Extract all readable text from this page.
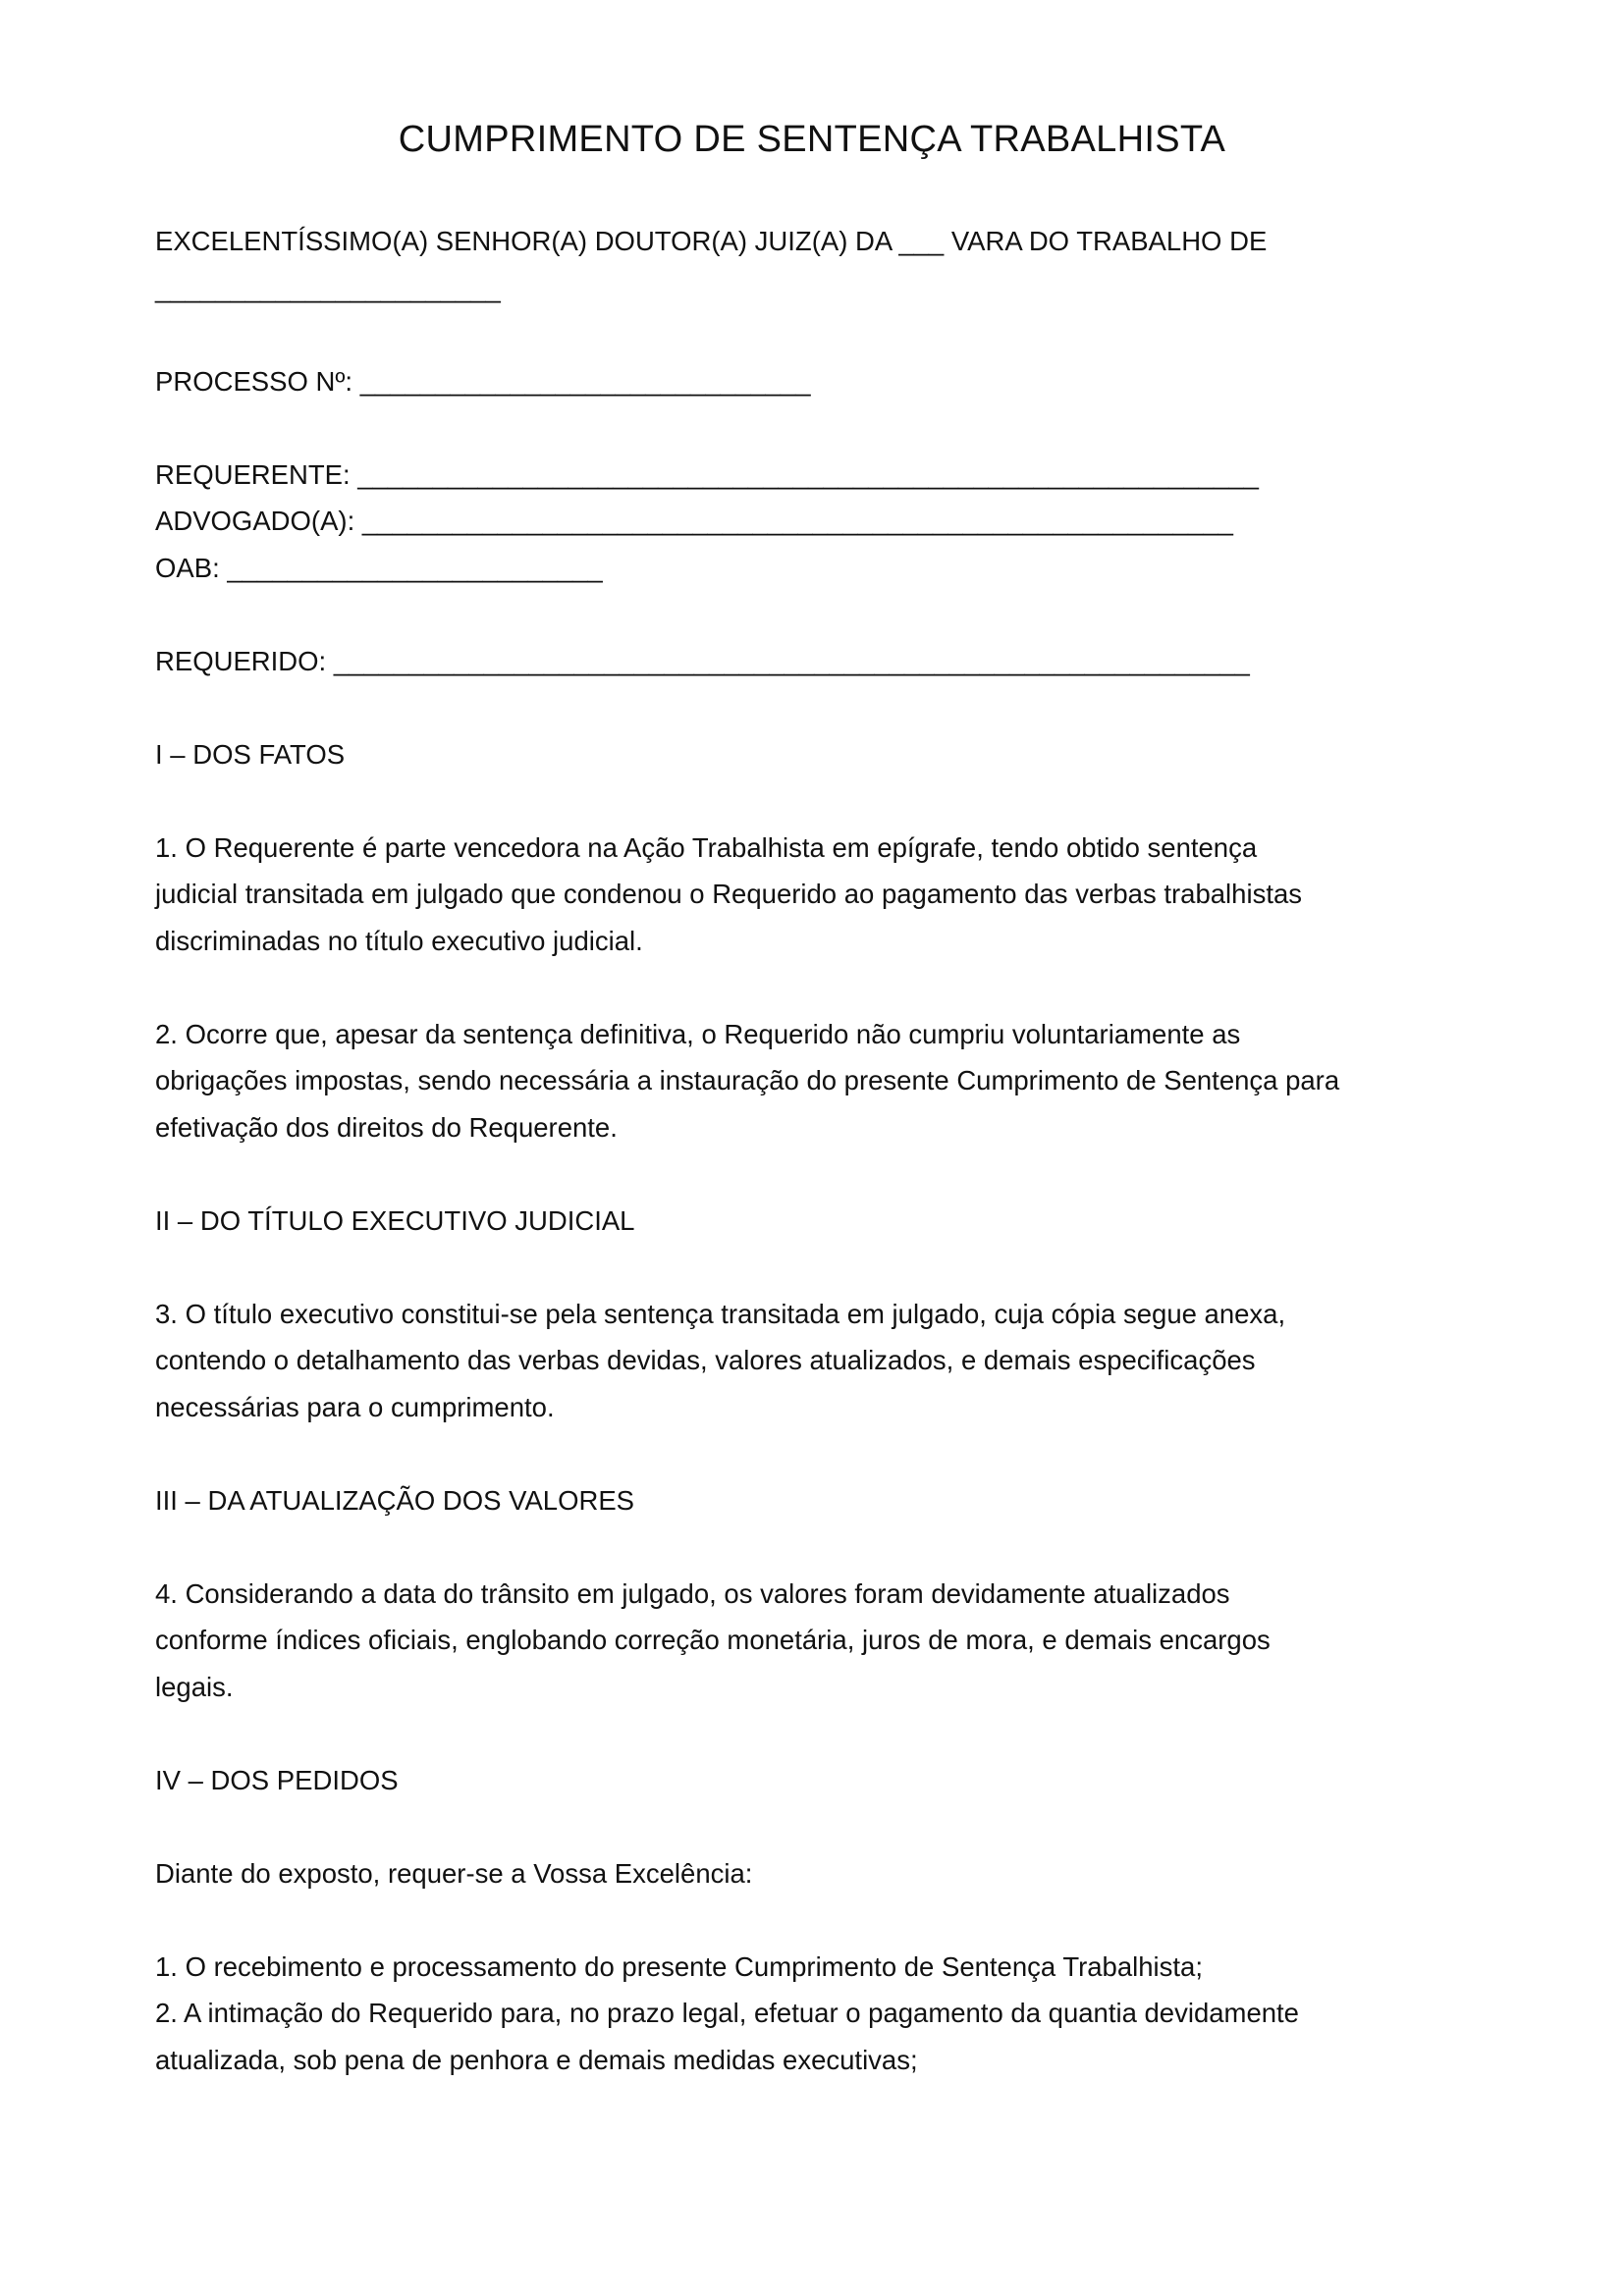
CUMPRIMENTO DE SENTENÇA TRABALHISTA

EXCELENTÍSSIMO(A) SENHOR(A) DOUTOR(A) JUIZ(A) DA ___ VARA DO TRABALHO DE

_______________________

PROCESSO Nº: ______________________________

REQUERENTE: ____________________________________________________________

ADVOGADO(A): __________________________________________________________

OAB: _________________________

REQUERIDO: _____________________________________________________________

I – DOS FATOS

1. O Requerente é parte vencedora na Ação Trabalhista em epígrafe, tendo obtido sentença

judicial transitada em julgado que condenou o Requerido ao pagamento das verbas trabalhistas

discriminadas no título executivo judicial.

2. Ocorre que, apesar da sentença definitiva, o Requerido não cumpriu voluntariamente as

obrigações impostas, sendo necessária a instauração do presente Cumprimento de Sentença para

efetivação dos direitos do Requerente.

II – DO TÍTULO EXECUTIVO JUDICIAL

3. O título executivo constitui-se pela sentença transitada em julgado, cuja cópia segue anexa,

contendo o detalhamento das verbas devidas, valores atualizados, e demais especificações

necessárias para o cumprimento.

III – DA ATUALIZAÇÃO DOS VALORES

4. Considerando a data do trânsito em julgado, os valores foram devidamente atualizados

conforme índices oficiais, englobando correção monetária, juros de mora, e demais encargos

legais.

IV – DOS PEDIDOS

Diante do exposto, requer-se a Vossa Excelência:

1. O recebimento e processamento do presente Cumprimento de Sentença Trabalhista;

2. A intimação do Requerido para, no prazo legal, efetuar o pagamento da quantia devidamente

atualizada, sob pena de penhora e demais medidas executivas;
